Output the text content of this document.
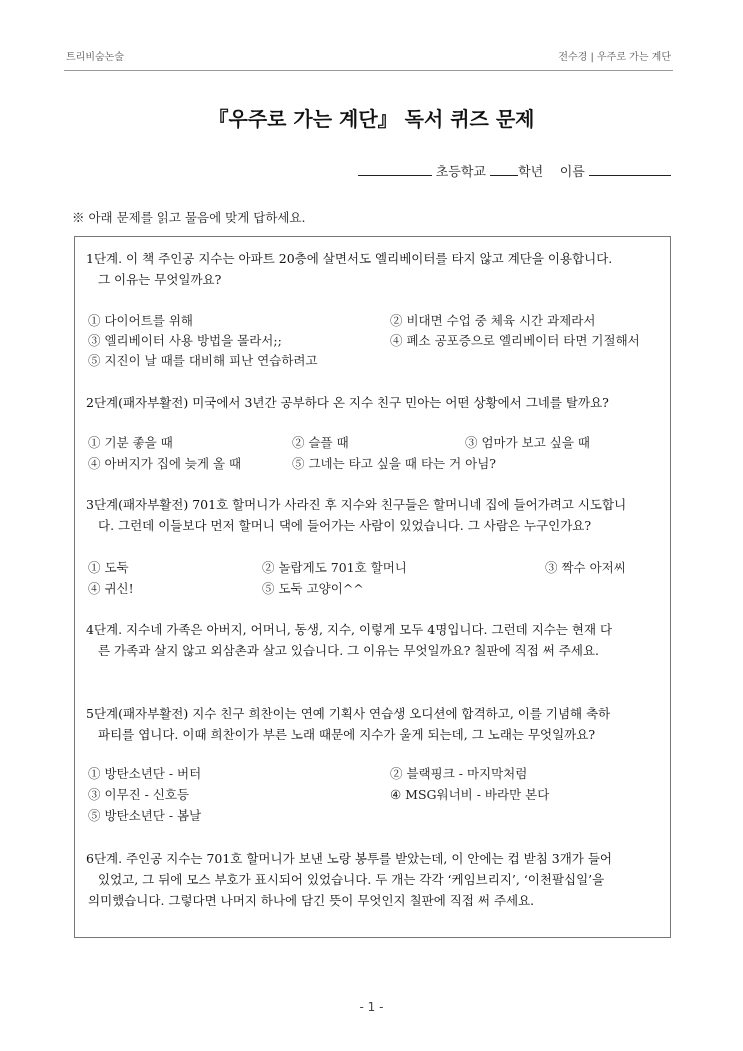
트리비숨논술	전수경 | 우주로 가는 계단
『우주로 가는 계단』 독서 퀴즈 문제
초등학교 학년 이름
※ 아래 문제를 읽고 물음에 맞게 답하세요.
1단계. 이 책 주인공 지수는 아파트 20층에 살면서도 엘리베이터를 타지 않고 계단을 이용합니다.
그 이유는 무엇일까요?
① 다이어트를 위해	② 비대면 수업 중 체육 시간 과제라서
③ 엘리베이터 사용 방법을 몰라서;;	④ 폐소 공포증으로 엘리베이터 타면 기절해서
⑤ 지진이 날 때를 대비해 피난 연습하려고
2단계(패자부활전) 미국에서 3년간 공부하다 온 지수 친구 민아는 어떤 상황에서 그네를 탈까요?
① 기분 좋을 때	② 슬플 때	③ 엄마가 보고 싶을 때
④ 아버지가 집에 늦게 올 때	⑤ 그네는 타고 싶을 때 타는 거 아님?
3단계(패자부활전) 701호 할머니가 사라진 후 지수와 친구들은 할머니네 집에 들어가려고 시도합니
다. 그런데 이들보다 먼저 할머니 댁에 들어가는 사람이 있었습니다. 그 사람은 누구인가요?
① 도둑	② 놀랍게도 701호 할머니	③ 짝수 아저씨
④ 귀신!	⑤ 도둑 고양이^^
4단계. 지수네 가족은 아버지, 어머니, 동생, 지수, 이렇게 모두 4명입니다. 그런데 지수는 현재 다
른 가족과 살지 않고 외삼촌과 살고 있습니다. 그 이유는 무엇일까요? 칠판에 직접 써 주세요.
5단계(패자부활전) 지수 친구 희찬이는 연예 기획사 연습생 오디션에 합격하고, 이를 기념해 축하
파티를 엽니다. 이때 희찬이가 부른 노래 때문에 지수가 울게 되는데, 그 노래는 무엇일까요?
① 방탄소년단 - 버터	② 블랙핑크 - 마지막처럼
③ 이무진 - 신호등	④ MSG워너비 - 바라만 본다
⑤ 방탄소년단 - 봄날
6단계. 주인공 지수는 701호 할머니가 보낸 노랑 봉투를 받았는데, 이 안에는 컵 받침 3개가 들어
있었고, 그 뒤에 모스 부호가 표시되어 있었습니다. 두 개는 각각 ‘케임브리지’, ‘이천팔십일’을
의미했습니다. 그렇다면 나머지 하나에 담긴 뜻이 무엇인지 칠판에 직접 써 주세요.
- 1 -
